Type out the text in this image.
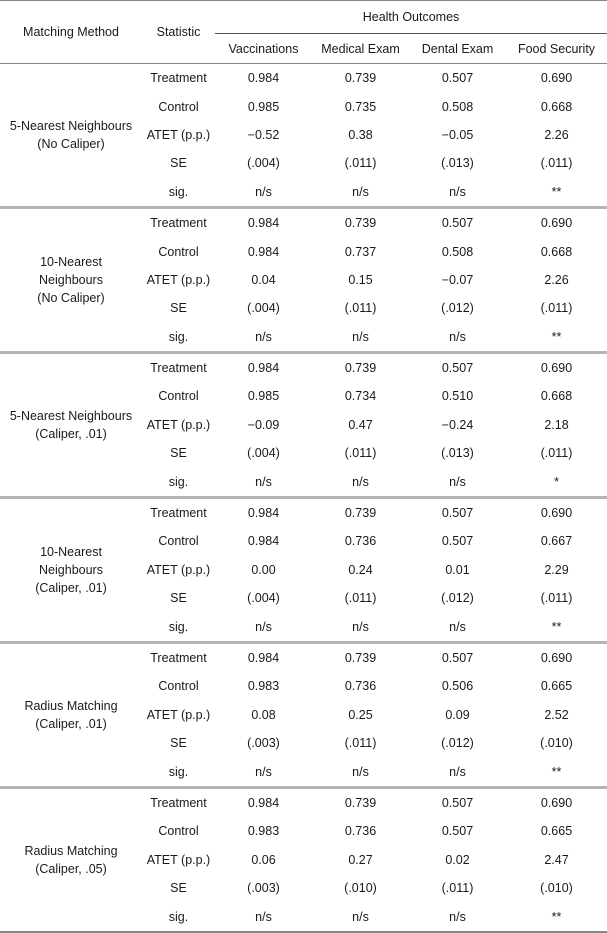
Matching Method	Statistic	Health Outcomes			
		Vaccinations	Medical Exam	Dental Exam	Food Security

5-Nearest Neighbours
(No Caliper)	Treatment	0.984	0.739	0.507	0.690
	Control	0.985	0.735	0.508	0.668
	ATET (p.p.)	−0.52	0.38	−0.05	2.26
	SE	(.004)	(.011)	(.013)	(.011)
	sig.	n/s	n/s	n/s	**

10-Nearest
Neighbours
(No Caliper)	Treatment	0.984	0.739	0.507	0.690
	Control	0.984	0.737	0.508	0.668
	ATET (p.p.)	0.04	0.15	−0.07	2.26
	SE	(.004)	(.011)	(.012)	(.011)
	sig.	n/s	n/s	n/s	**

5-Nearest Neighbours
(Caliper, .01)	Treatment	0.984	0.739	0.507	0.690
	Control	0.985	0.734	0.510	0.668
	ATET (p.p.)	−0.09	0.47	−0.24	2.18
	SE	(.004)	(.011)	(.013)	(.011)
	sig.	n/s	n/s	n/s	*

10-Nearest
Neighbours
(Caliper, .01)	Treatment	0.984	0.739	0.507	0.690
	Control	0.984	0.736	0.507	0.667
	ATET (p.p.)	0.00	0.24	0.01	2.29
	SE	(.004)	(.011)	(.012)	(.011)
	sig.	n/s	n/s	n/s	**

Radius Matching
(Caliper, .01)	Treatment	0.984	0.739	0.507	0.690
	Control	0.983	0.736	0.506	0.665
	ATET (p.p.)	0.08	0.25	0.09	2.52
	SE	(.003)	(.011)	(.012)	(.010)
	sig.	n/s	n/s	n/s	**

Radius Matching
(Caliper, .05)	Treatment	0.984	0.739	0.507	0.690
	Control	0.983	0.736	0.507	0.665
	ATET (p.p.)	0.06	0.27	0.02	2.47
	SE	(.003)	(.010)	(.011)	(.010)
	sig.	n/s	n/s	n/s	**
